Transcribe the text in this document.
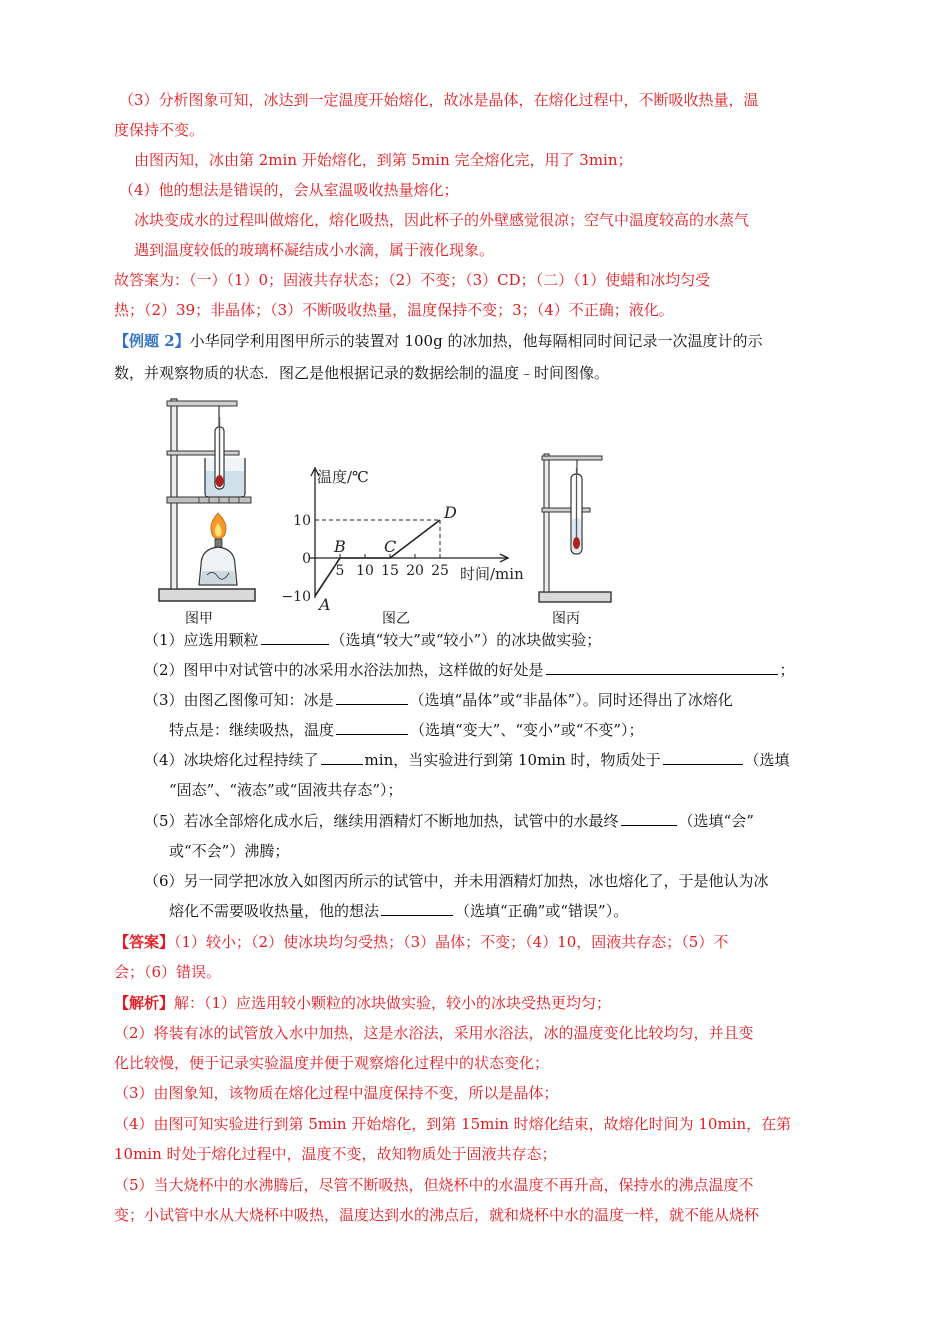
（3）分析图象可知，冰达到一定温度开始熔化，故冰是晶体，在熔化过程中，不断吸收热量，温
度保持不变。
由图丙知，冰由第 2min 开始熔化，到第 5min 完全熔化完，用了 3min；
（4）他的想法是错误的，会从室温吸收热量熔化；
冰块变成水的过程叫做熔化，熔化吸热，因此杯子的外壁感觉很凉；空气中温度较高的水蒸气
遇到温度较低的玻璃杯凝结成小水滴，属于液化现象。
故答案为：（一）（1）0；固液共存状态；（2）不变；（3）CD；（二）（1）使蜡和冰均匀受
热；（2）39；非晶体；（3）不断吸收热量，温度保持不变；3；（4）不正确；液化。
【例题 2】小华同学利用图甲所示的装置对 100g 的冰加热，他每隔相同时间记录一次温度计的示
数，并观察物质的状态．图乙是他根据记录的数据绘制的温度﹣时间图像。
温度/℃
时间/min
10
0
−10
5 10 15 20 25
A
B C
D
图甲	图乙	图丙
（1）应选用颗粒	（选填“较大”或“较小”）的冰块做实验；
（2）图甲中对试管中的冰采用水浴法加热，这样做的好处是	；
（3）由图乙图像可知：冰是	（选填“晶体”或“非晶体”）。同时还得出了冰熔化
特点是：继续吸热，温度	（选填“变大”、“变小”或“不变”）；
（4）冰块熔化过程持续了	min，当实验进行到第 10min 时，物质处于	（选填
“固态”、“液态”或“固液共存态”）；
（5）若冰全部熔化成水后，继续用酒精灯不断地加热，试管中的水最终	（选填“会”
或“不会”）沸腾；
（6）另一同学把冰放入如图丙所示的试管中，并未用酒精灯加热，冰也熔化了，于是他认为冰
熔化不需要吸收热量，他的想法	（选填“正确”或“错误”）。
【答案】（1）较小；（2）使冰块均匀受热；（3）晶体；不变；（4）10，固液共存态；（5）不
会；（6）错误。
【解析】解：（1）应选用较小颗粒的冰块做实验，较小的冰块受热更均匀；
（2）将装有冰的试管放入水中加热，这是水浴法，采用水浴法，冰的温度变化比较均匀，并且变
化比较慢，便于记录实验温度并便于观察熔化过程中的状态变化；
（3）由图象知，该物质在熔化过程中温度保持不变，所以是晶体；
（4）由图可知实验进行到第 5min 开始熔化，到第 15min 时熔化结束，故熔化时间为 10min，在第
10min 时处于熔化过程中，温度不变，故知物质处于固液共存态；
（5）当大烧杯中的水沸腾后，尽管不断吸热，但烧杯中的水温度不再升高，保持水的沸点温度不
变；小试管中水从大烧杯中吸热，温度达到水的沸点后，就和烧杯中水的温度一样，就不能从烧杯
